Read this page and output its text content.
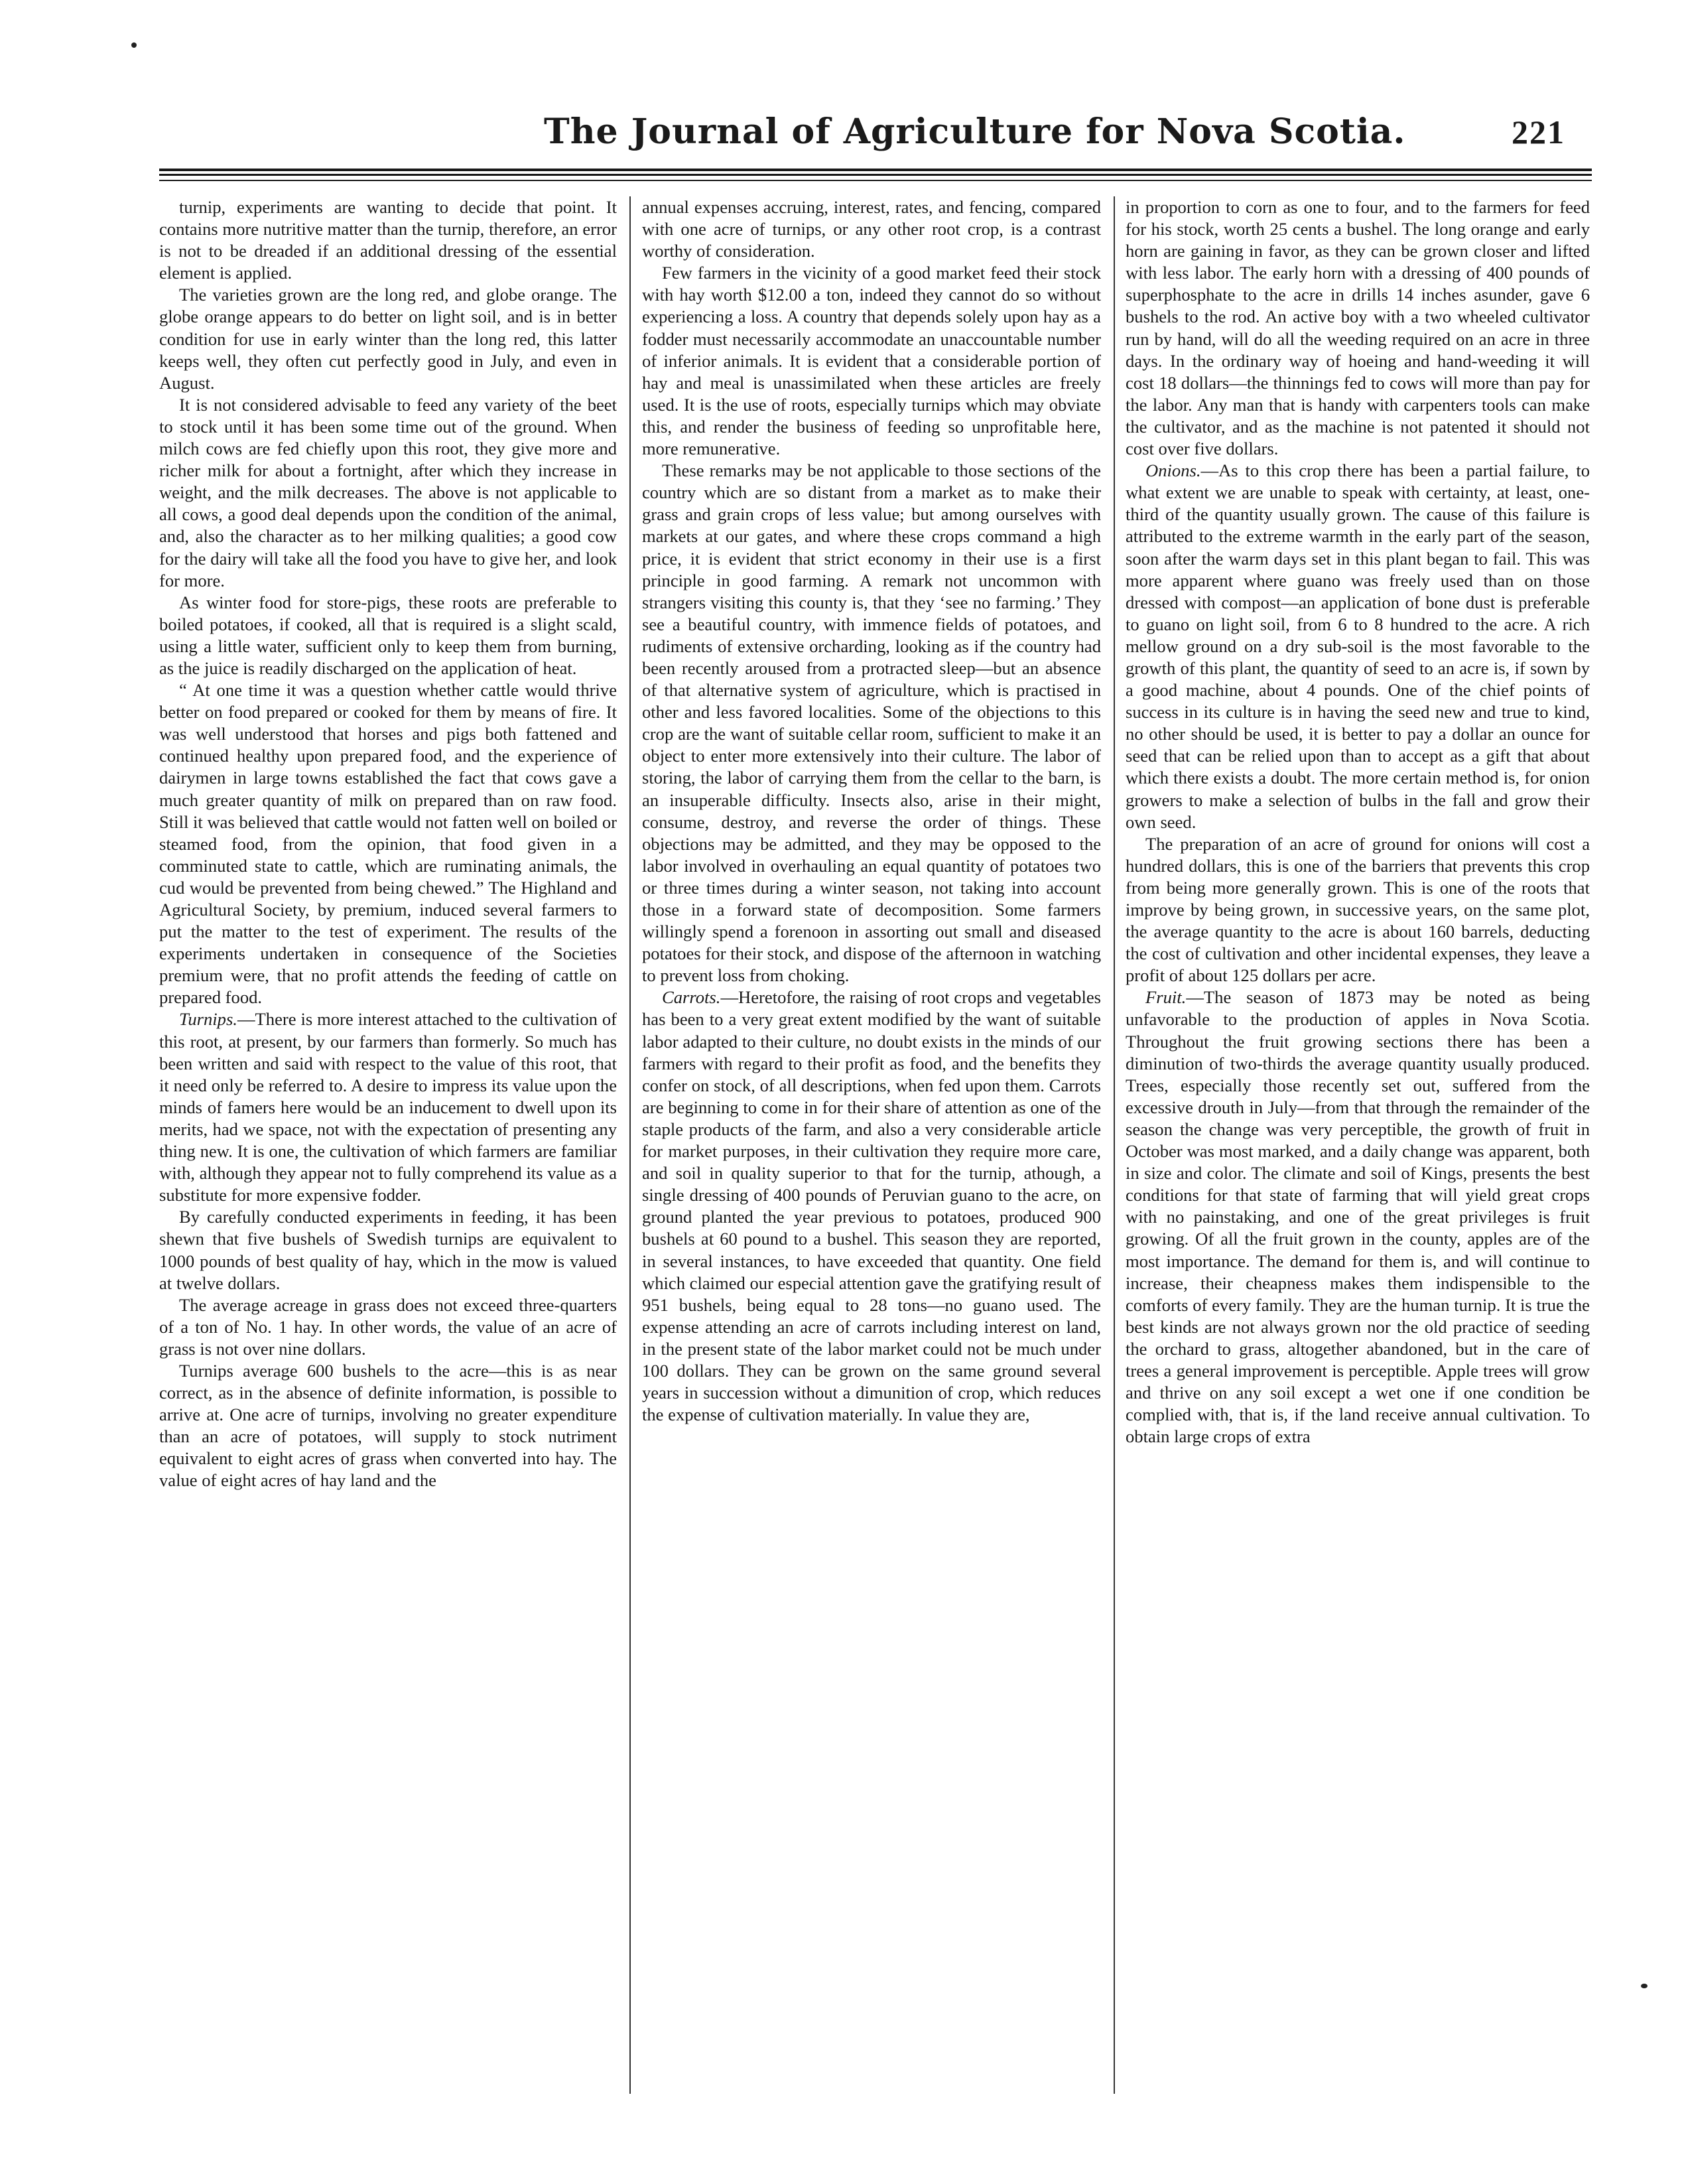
The Journal of Agriculture for Nova Scotia.	221

turnip, experiments are wanting to decide that point. It contains more nutritive matter than the turnip, therefore, an error is not to be dreaded if an additional dressing of the essential element is applied.

The varieties grown are the long red, and globe orange. The globe orange appears to do better on light soil, and is in better condition for use in early winter than the long red, this latter keeps well, they often cut perfectly good in July, and even in August.

It is not considered advisable to feed any variety of the beet to stock until it has been some time out of the ground. When milch cows are fed chiefly upon this root, they give more and richer milk for about a fortnight, after which they increase in weight, and the milk decreases. The above is not applicable to all cows, a good deal depends upon the condition of the animal, and, also the character as to her milking qualities; a good cow for the dairy will take all the food you have to give her, and look for more.

As winter food for store-pigs, these roots are preferable to boiled potatoes, if cooked, all that is required is a slight scald, using a little water, sufficient only to keep them from burning, as the juice is readily discharged on the application of heat.

“ At one time it was a question whether cattle would thrive better on food prepared or cooked for them by means of fire. It was well understood that horses and pigs both fattened and continued healthy upon prepared food, and the experience of dairymen in large towns established the fact that cows gave a much greater quantity of milk on prepared than on raw food. Still it was believed that cattle would not fatten well on boiled or steamed food, from the opinion, that food given in a comminuted state to cattle, which are ruminating animals, the cud would be prevented from being chewed.” The Highland and Agricultural Society, by premium, induced several farmers to put the matter to the test of experiment. The results of the experiments undertaken in consequence of the Societies premium were, that no profit attends the feeding of cattle on prepared food.

Turnips.—There is more interest attached to the cultivation of this root, at present, by our farmers than formerly. So much has been written and said with respect to the value of this root, that it need only be referred to. A desire to impress its value upon the minds of famers here would be an inducement to dwell upon its merits, had we space, not with the expectation of presenting any thing new. It is one, the cultivation of which farmers are familiar with, although they appear not to fully comprehend its value as a substitute for more expensive fodder.

By carefully conducted experiments in feeding, it has been shewn that five bushels of Swedish turnips are equivalent to 1000 pounds of best quality of hay, which in the mow is valued at twelve dollars.

The average acreage in grass does not exceed three-quarters of a ton of No. 1 hay. In other words, the value of an acre of grass is not over nine dollars.

Turnips average 600 bushels to the acre—this is as near correct, as in the absence of definite information, is possible to arrive at. One acre of turnips, involving no greater expenditure than an acre of potatoes, will supply to stock nutriment equivalent to eight acres of grass when converted into hay. The value of eight acres of hay land and the

annual expenses accruing, interest, rates, and fencing, compared with one acre of turnips, or any other root crop, is a contrast worthy of consideration.

Few farmers in the vicinity of a good market feed their stock with hay worth $12.00 a ton, indeed they cannot do so without experiencing a loss. A country that depends solely upon hay as a fodder must necessarily accommodate an unaccountable number of inferior animals. It is evident that a considerable portion of hay and meal is unassimilated when these articles are freely used. It is the use of roots, especially turnips which may obviate this, and render the business of feeding so unprofitable here, more remunerative.

These remarks may be not applicable to those sections of the country which are so distant from a market as to make their grass and grain crops of less value; but among ourselves with markets at our gates, and where these crops command a high price, it is evident that strict economy in their use is a first principle in good farming. A remark not uncommon with strangers visiting this county is, that they ‘see no farming.’ They see a beautiful country, with immence fields of potatoes, and rudiments of extensive orcharding, looking as if the country had been recently aroused from a protracted sleep—but an absence of that alternative system of agriculture, which is practised in other and less favored localities. Some of the objections to this crop are the want of suitable cellar room, sufficient to make it an object to enter more extensively into their culture. The labor of storing, the labor of carrying them from the cellar to the barn, is an insuperable difficulty. Insects also, arise in their might, consume, destroy, and reverse the order of things. These objections may be admitted, and they may be opposed to the labor involved in overhauling an equal quantity of potatoes two or three times during a winter season, not taking into account those in a forward state of decomposition. Some farmers willingly spend a forenoon in assorting out small and diseased potatoes for their stock, and dispose of the afternoon in watching to prevent loss from choking.

Carrots.—Heretofore, the raising of root crops and vegetables has been to a very great extent modified by the want of suitable labor adapted to their culture, no doubt exists in the minds of our farmers with regard to their profit as food, and the benefits they confer on stock, of all descriptions, when fed upon them. Carrots are beginning to come in for their share of attention as one of the staple products of the farm, and also a very considerable article for market purposes, in their cultivation they require more care, and soil in quality superior to that for the turnip, athough, a single dressing of 400 pounds of Peruvian guano to the acre, on ground planted the year previous to potatoes, produced 900 bushels at 60 pound to a bushel. This season they are reported, in several instances, to have exceeded that quantity. One field which claimed our especial attention gave the gratifying result of 951 bushels, being equal to 28 tons—no guano used. The expense attending an acre of carrots including interest on land, in the present state of the labor market could not be much under 100 dollars. They can be grown on the same ground several years in succession without a dimunition of crop, which reduces the expense of cultivation materially. In value they are,

in proportion to corn as one to four, and to the farmers for feed for his stock, worth 25 cents a bushel. The long orange and early horn are gaining in favor, as they can be grown closer and lifted with less labor. The early horn with a dressing of 400 pounds of superphosphate to the acre in drills 14 inches asunder, gave 6 bushels to the rod. An active boy with a two wheeled cultivator run by hand, will do all the weeding required on an acre in three days. In the ordinary way of hoeing and hand-weeding it will cost 18 dollars—the thinnings fed to cows will more than pay for the labor. Any man that is handy with carpenters tools can make the cultivator, and as the machine is not patented it should not cost over five dollars.

Onions.—As to this crop there has been a partial failure, to what extent we are unable to speak with certainty, at least, one-third of the quantity usually grown. The cause of this failure is attributed to the extreme warmth in the early part of the season, soon after the warm days set in this plant began to fail. This was more apparent where guano was freely used than on those dressed with compost—an application of bone dust is preferable to guano on light soil, from 6 to 8 hundred to the acre. A rich mellow ground on a dry sub-soil is the most favorable to the growth of this plant, the quantity of seed to an acre is, if sown by a good machine, about 4 pounds. One of the chief points of success in its culture is in having the seed new and true to kind, no other should be used, it is better to pay a dollar an ounce for seed that can be relied upon than to accept as a gift that about which there exists a doubt. The more certain method is, for onion growers to make a selection of bulbs in the fall and grow their own seed.

The preparation of an acre of ground for onions will cost a hundred dollars, this is one of the barriers that prevents this crop from being more generally grown. This is one of the roots that improve by being grown, in successive years, on the same plot, the average quantity to the acre is about 160 barrels, deducting the cost of cultivation and other incidental expenses, they leave a profit of about 125 dollars per acre.

Fruit.—The season of 1873 may be noted as being unfavorable to the production of apples in Nova Scotia. Throughout the fruit growing sections there has been a diminution of two-thirds the average quantity usually produced. Trees, especially those recently set out, suffered from the excessive drouth in July—from that through the remainder of the season the change was very perceptible, the growth of fruit in October was most marked, and a daily change was apparent, both in size and color. The climate and soil of Kings, presents the best conditions for that state of farming that will yield great crops with no painstaking, and one of the great privileges is fruit growing. Of all the fruit grown in the county, apples are of the most importance. The demand for them is, and will continue to increase, their cheapness makes them indispensible to the comforts of every family. They are the human turnip. It is true the best kinds are not always grown nor the old practice of seeding the orchard to grass, altogether abandoned, but in the care of trees a general improvement is perceptible. Apple trees will grow and thrive on any soil except a wet one if one condition be complied with, that is, if the land receive annual cultivation. To obtain large crops of extra
